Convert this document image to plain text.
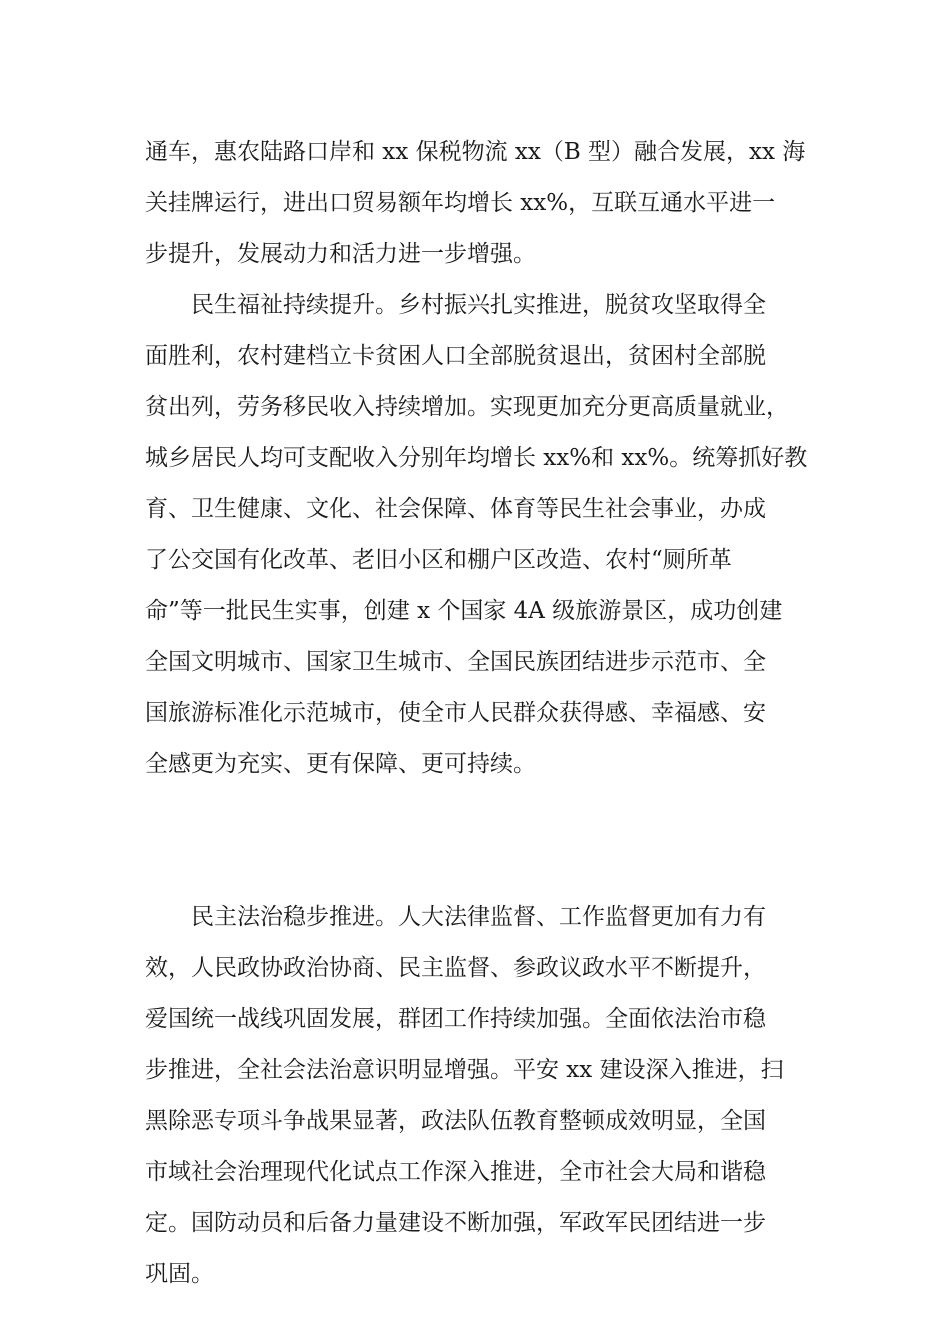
通车，惠农陆路口岸和 xx 保税物流 xx（B 型）融合发展，xx 海
关挂牌运行，进出口贸易额年均增长 xx%，互联互通水平进一
步提升，发展动力和活力进一步增强。
　　民生福祉持续提升。乡村振兴扎实推进，脱贫攻坚取得全
面胜利，农村建档立卡贫困人口全部脱贫退出，贫困村全部脱
贫出列，劳务移民收入持续增加。实现更加充分更高质量就业，
城乡居民人均可支配收入分别年均增长 xx%和 xx%。统筹抓好教
育、卫生健康、文化、社会保障、体育等民生社会事业，办成
了公交国有化改革、老旧小区和棚户区改造、农村“厕所革
命”等一批民生实事，创建 x 个国家 4A 级旅游景区，成功创建
全国文明城市、国家卫生城市、全国民族团结进步示范市、全
国旅游标准化示范城市，使全市人民群众获得感、幸福感、安
全感更为充实、更有保障、更可持续。
　　民主法治稳步推进。人大法律监督、工作监督更加有力有
效，人民政协政治协商、民主监督、参政议政水平不断提升，
爱国统一战线巩固发展，群团工作持续加强。全面依法治市稳
步推进，全社会法治意识明显增强。平安 xx 建设深入推进，扫
黑除恶专项斗争战果显著，政法队伍教育整顿成效明显，全国
市域社会治理现代化试点工作深入推进，全市社会大局和谐稳
定。国防动员和后备力量建设不断加强，军政军民团结进一步
巩固。
